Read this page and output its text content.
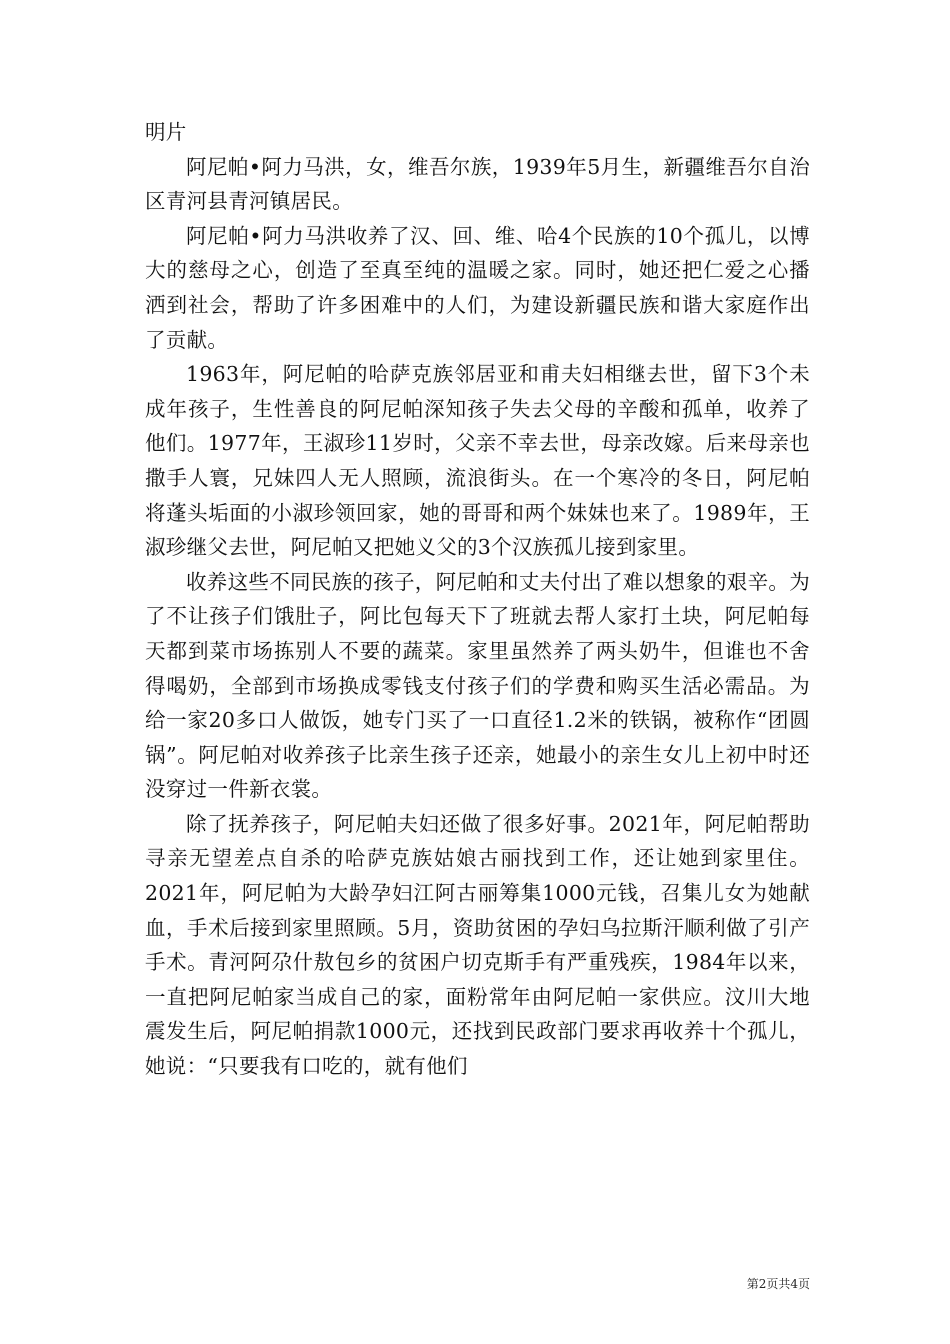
明片

阿尼帕•阿力马洪，女，维吾尔族，1939年5月生，新疆维吾尔自治区青河县青河镇居民。

阿尼帕•阿力马洪收养了汉、回、维、哈4个民族的10个孤儿，以博大的慈母之心，创造了至真至纯的温暖之家。同时，她还把仁爱之心播洒到社会，帮助了许多困难中的人们，为建设新疆民族和谐大家庭作出了贡献。

1963年，阿尼帕的哈萨克族邻居亚和甫夫妇相继去世，留下3个未成年孩子，生性善良的阿尼帕深知孩子失去父母的辛酸和孤单，收养了他们。1977年，王淑珍11岁时，父亲不幸去世，母亲改嫁。后来母亲也撒手人寰，兄妹四人无人照顾，流浪街头。在一个寒冷的冬日，阿尼帕将蓬头垢面的小淑珍领回家，她的哥哥和两个妹妹也来了。1989年，王淑珍继父去世，阿尼帕又把她义父的3个汉族孤儿接到家里。

收养这些不同民族的孩子，阿尼帕和丈夫付出了难以想象的艰辛。为了不让孩子们饿肚子，阿比包每天下了班就去帮人家打土块，阿尼帕每天都到菜市场拣别人不要的蔬菜。家里虽然养了两头奶牛，但谁也不舍得喝奶，全部到市场换成零钱支付孩子们的学费和购买生活必需品。为给一家20多口人做饭，她专门买了一口直径1.2米的铁锅，被称作“团圆锅”。阿尼帕对收养孩子比亲生孩子还亲，她最小的亲生女儿上初中时还没穿过一件新衣裳。

除了抚养孩子，阿尼帕夫妇还做了很多好事。2021年，阿尼帕帮助寻亲无望差点自杀的哈萨克族姑娘古丽找到工作，还让她到家里住。2021年，阿尼帕为大龄孕妇江阿古丽筹集1000元钱，召集儿女为她献血，手术后接到家里照顾。5月，资助贫困的孕妇乌拉斯汗顺利做了引产手术。青河阿尕什敖包乡的贫困户切克斯手有严重残疾，1984年以来，一直把阿尼帕家当成自己的家，面粉常年由阿尼帕一家供应。汶川大地震发生后，阿尼帕捐款1000元，还找到民政部门要求再收养十个孤儿，她说：“只要我有口吃的，就有他们

第2页共4页
